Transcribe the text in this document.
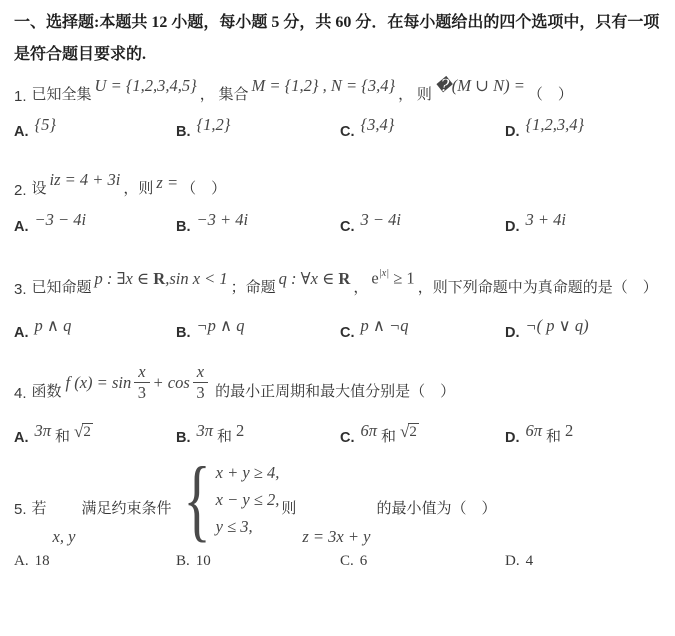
一、选择题:本题共 12 小题，每小题 5 分，共 60 分．在每小题给出的四个选项中，只有一项
是符合题目要求的.
1. 已知全集 U = {1,2,3,4,5} ， 集合 M = {1,2} , N = {3,4} ， 则 �(M ∪ N) = （　）
A. {5}	B. {1,2}	C. {3,4}	D. {1,2,3,4}
2. 设 iz = 4 + 3i ，则 z = （　）
A. −3 − 4i	B. −3 + 4i	C. 3 − 4i	D. 3 + 4i
3. 已知命题 p : ∃x ∈ R,sin x < 1 ；命题 q : ∀x ∈ R ， $e^{|x|} \ge 1$ ，则下列命题中为真命题的是（　）
A. p ∧ q	B. ¬p ∧ q	C. p ∧ ¬q	D. ¬( p ∨ q)
4. 函数 f $(x) = \sin \frac{x}{3} + \cos \frac{x}{3}$ 的最小正周期和最大值分别是（　）
A. 3π 和 √ 2	B. 3π 和 2	C. 6π 和 √ 2	D. 6π 和 2
5. 若
x, y
满足约束条件 { x + y ≥ 4,
x − y ≤ 2,
y ≤ 3,
则
z = 3x + y
的最小值为（　）
A. 18	B. 10	C. 6	D. 4
